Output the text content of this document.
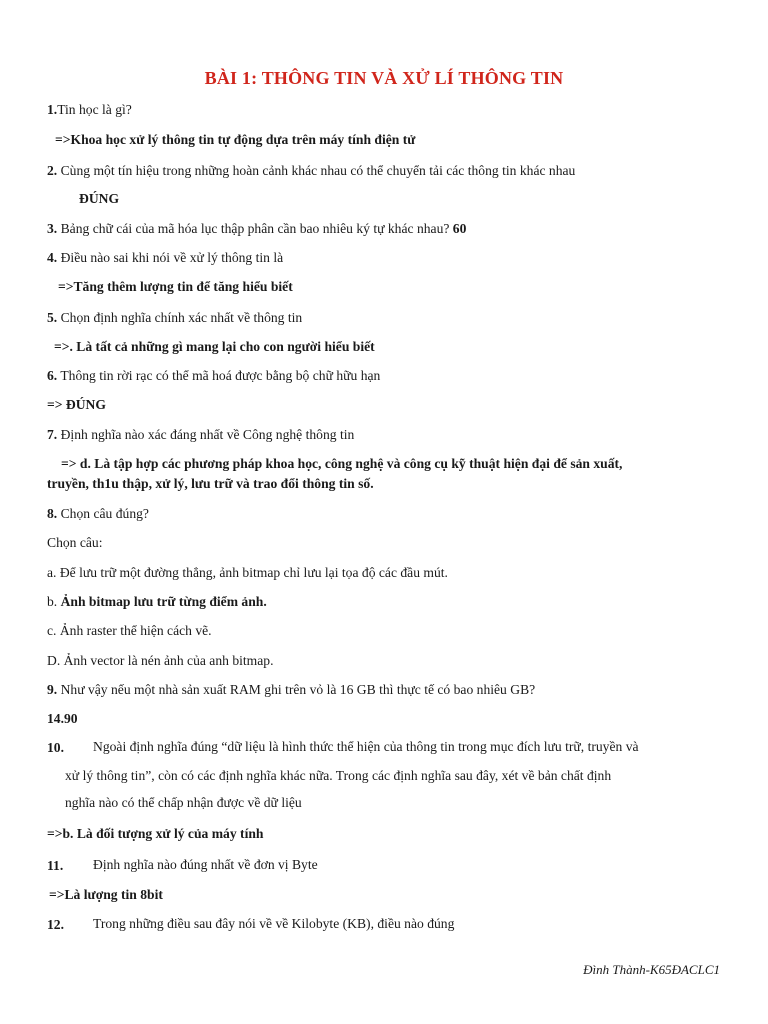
BÀI 1: THÔNG TIN VÀ XỬ LÍ THÔNG TIN
1.Tin học là gì?
=>Khoa học xử lý thông tin tự động dựa trên máy tính điện tử
2. Cùng một tín hiệu trong những hoàn cảnh khác nhau có thể chuyển tải các thông tin khác nhau
ĐÚNG
3. Bảng chữ cái của mã hóa lục thập phân cần bao nhiêu ký tự khác nhau? 60
4. Điều nào sai khi nói về xử lý thông tin là
=>Tăng thêm lượng tin để tăng hiểu biết
5. Chọn định nghĩa chính xác nhất về thông tin
=>. Là tất cả những gì mang lại cho con người hiểu biết
6. Thông tin rời rạc có thể mã hoá được bằng bộ chữ hữu hạn
=> ĐÚNG
7. Định nghĩa nào xác đáng nhất về Công nghệ thông tin
=> d. Là tập hợp các phương pháp khoa học, công nghệ và công cụ kỹ thuật hiện đại để sản xuất,
truyền, th1u thập, xử lý, lưu trữ và trao đổi thông tin số.
8. Chọn câu đúng?
Chọn câu:
a. Để lưu trữ một đường thẳng, ảnh bitmap chỉ lưu lại tọa độ các đầu mút.
b. Ảnh bitmap lưu trữ từng điểm ảnh.
c. Ảnh raster thể hiện cách vẽ.
D. Ảnh vector là nén ảnh của anh bitmap.
9. Như vậy nếu một nhà sản xuất RAM ghi trên vỏ là 16 GB thì thực tế có bao nhiêu GB?
14.90
10. Ngoài định nghĩa đúng “dữ liệu là hình thức thể hiện của thông tin trong mục đích lưu trữ, truyền và
xử lý thông tin”, còn có các định nghĩa khác nữa. Trong các định nghĩa sau đây, xét về bản chất định
nghĩa nào có thể chấp nhận được về dữ liệu
=>b. Là đối tượng xử lý của máy tính
11. Định nghĩa nào đúng nhất về đơn vị Byte
=>Là lượng tin 8bit
12. Trong những điều sau đây nói về về Kilobyte (KB), điều nào đúng
Đình Thành-K65ĐACLC1
